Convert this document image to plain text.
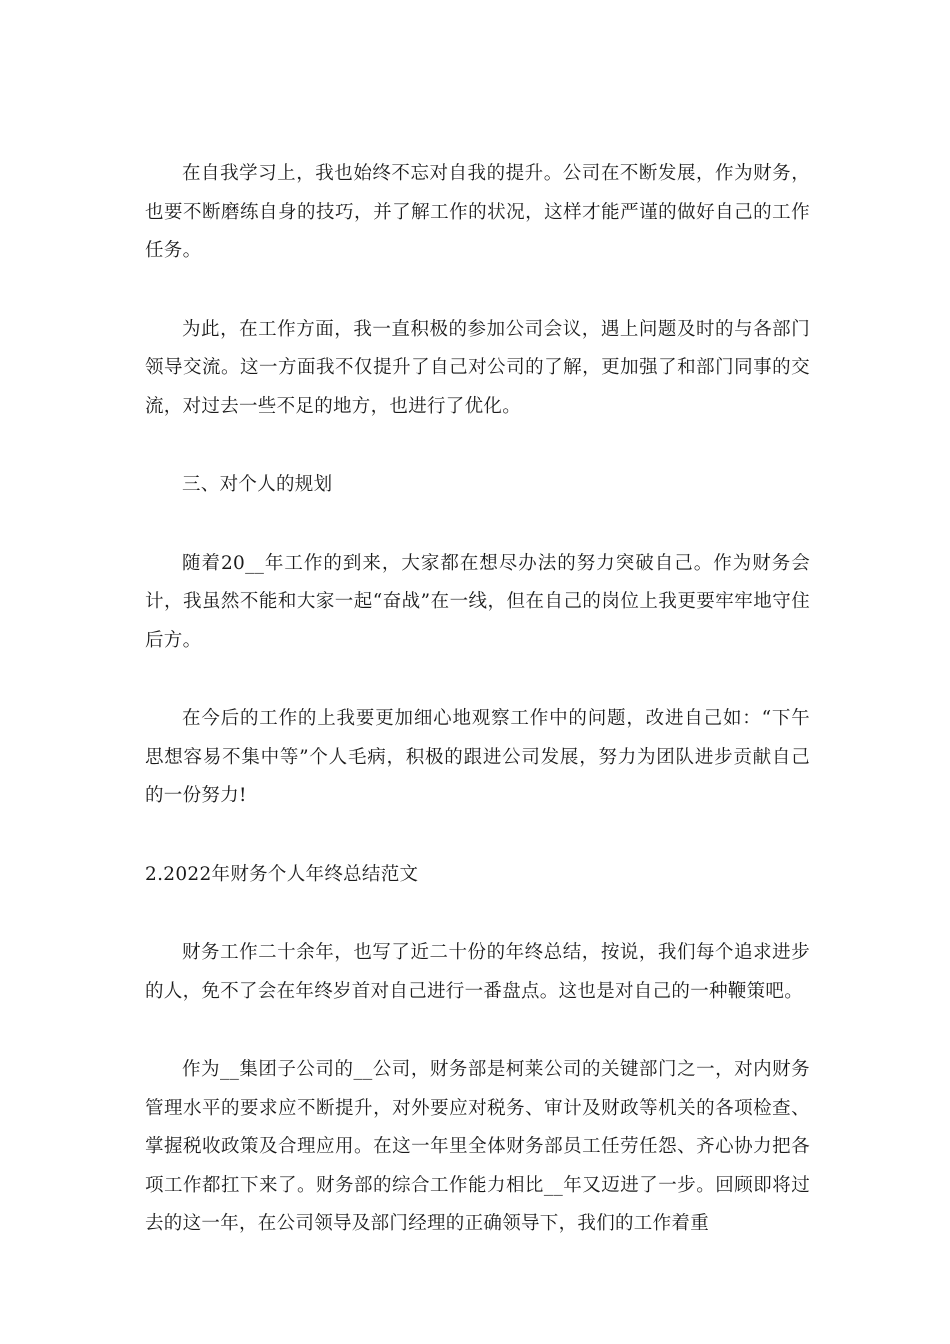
在自我学习上，我也始终不忘对自我的提升。公司在不断发展，作为财务，也要不断磨练自身的技巧，并了解工作的状况，这样才能严谨的做好自己的工作任务。

为此，在工作方面，我一直积极的参加公司会议，遇上问题及时的与各部门领导交流。这一方面我不仅提升了自己对公司的了解，更加强了和部门同事的交流，对过去一些不足的地方，也进行了优化。

三、对个人的规划

随着20__年工作的到来，大家都在想尽办法的努力突破自己。作为财务会计，我虽然不能和大家一起“奋战”在一线，但在自己的岗位上我更要牢牢地守住后方。

在今后的工作的上我要更加细心地观察工作中的问题，改进自己如：“下午思想容易不集中等”个人毛病，积极的跟进公司发展，努力为团队进步贡献自己的一份努力!

2.2022年财务个人年终总结范文

财务工作二十余年，也写了近二十份的年终总结，按说，我们每个追求进步的人，免不了会在年终岁首对自己进行一番盘点。这也是对自己的一种鞭策吧。

作为__集团子公司的__公司，财务部是柯莱公司的关键部门之一，对内财务管理水平的要求应不断提升，对外要应对税务、审计及财政等机关的各项检查、掌握税收政策及合理应用。在这一年里全体财务部员工任劳任怨、齐心协力把各项工作都扛下来了。财务部的综合工作能力相比__年又迈进了一步。回顾即将过去的这一年，在公司领导及部门经理的正确领导下，我们的工作着重
